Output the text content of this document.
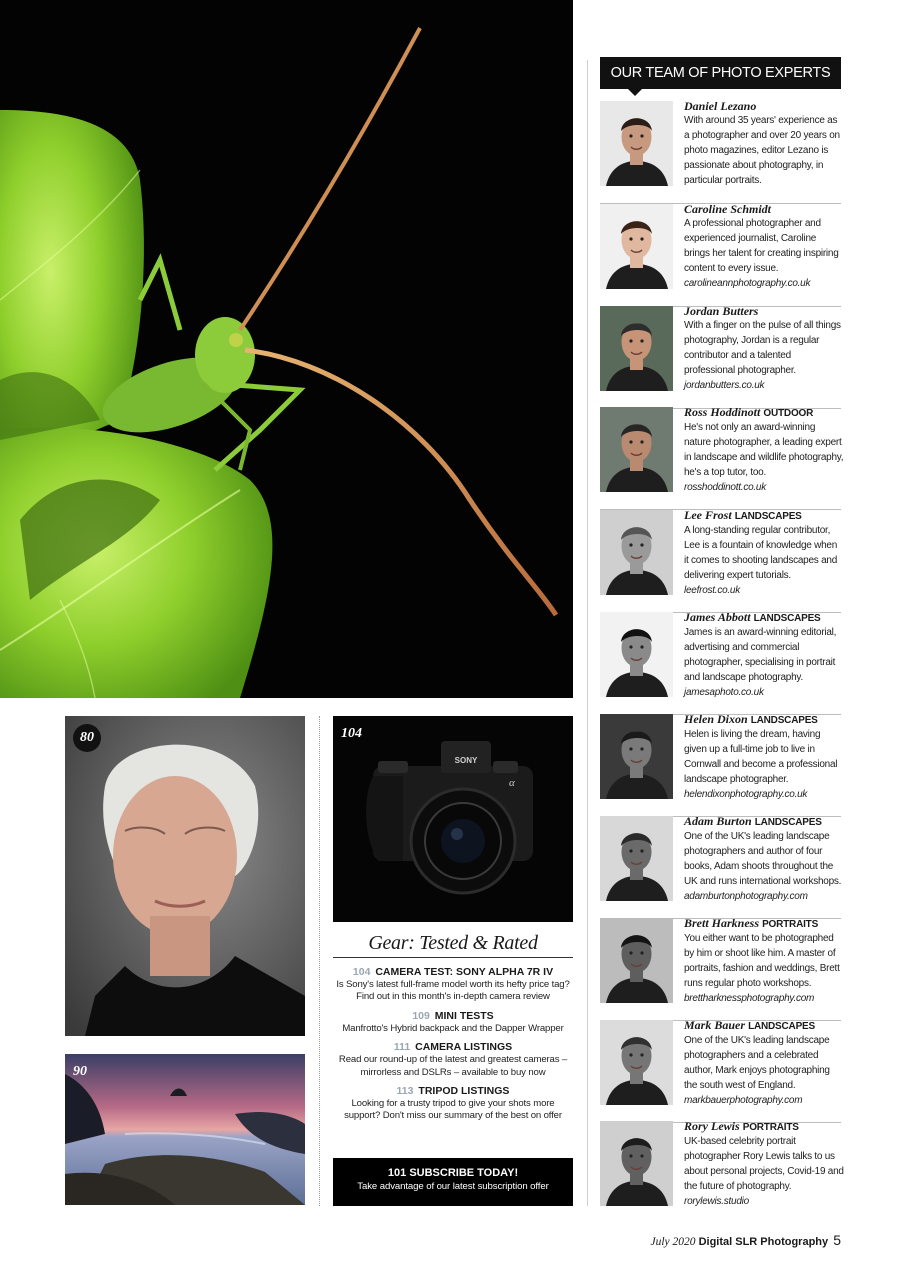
80
90
SONY
α
104
Gear: Tested & Rated
104 CAMERA TEST: SONY ALPHA 7R IV
Is Sony's latest full-frame model worth its hefty price tag? Find out in this month's in-depth camera review
109 MINI TESTS
Manfrotto's Hybrid backpack and the Dapper Wrapper
111 CAMERA LISTINGS
Read our round-up of the latest and greatest cameras – mirrorless and DSLRs – available to buy now
113 TRIPOD LISTINGS
Looking for a trusty tripod to give your shots more support? Don't miss our summary of the best on offer
101 SUBSCRIBE TODAY!
Take advantage of our latest subscription offer
OUR TEAM OF PHOTO EXPERTS
Daniel Lezano
With around 35 years' experience as a photographer and over 20 years on photo magazines, editor Lezano is passionate about photography, in particular portraits.
Caroline Schmidt
A professional photographer and experienced journalist, Caroline brings her talent for creating inspiring content to every issue.
carolineannphotography.co.uk
Jordan Butters
With a finger on the pulse of all things photography, Jordan is a regular contributor and a talented professional photographer.
jordanbutters.co.uk
Ross Hoddinott OUTDOOR
He's not only an award-winning nature photographer, a leading expert in landscape and wildlife photography, he's a top tutor, too.
rosshoddinott.co.uk
Lee Frost LANDSCAPES
A long-standing regular contributor, Lee is a fountain of knowledge when it comes to shooting landscapes and delivering expert tutorials.
leefrost.co.uk
James Abbott LANDSCAPES
James is an award-winning editorial, advertising and commercial photographer, specialising in portrait and landscape photography.
jamesaphoto.co.uk
Helen Dixon LANDSCAPES
Helen is living the dream, having given up a full-time job to live in Cornwall and become a professional landscape photographer.
helendixonphotography.co.uk
Adam Burton LANDSCAPES
One of the UK's leading landscape photographers and author of four books, Adam shoots throughout the UK and runs international workshops.
adamburtonphotography.com
Brett Harkness PORTRAITS
You either want to be photographed by him or shoot like him. A master of portraits, fashion and weddings, Brett runs regular photo workshops.
brettharknessphotography.com
Mark Bauer LANDSCAPES
One of the UK's leading landscape photographers and a celebrated author, Mark enjoys photographing the south west of England.
markbauerphotography.com
Rory Lewis PORTRAITS
UK-based celebrity portrait photographer Rory Lewis talks to us about personal projects, Covid-19 and the future of photography.
rorylewis.studio
July 2020 Digital SLR Photography 5
